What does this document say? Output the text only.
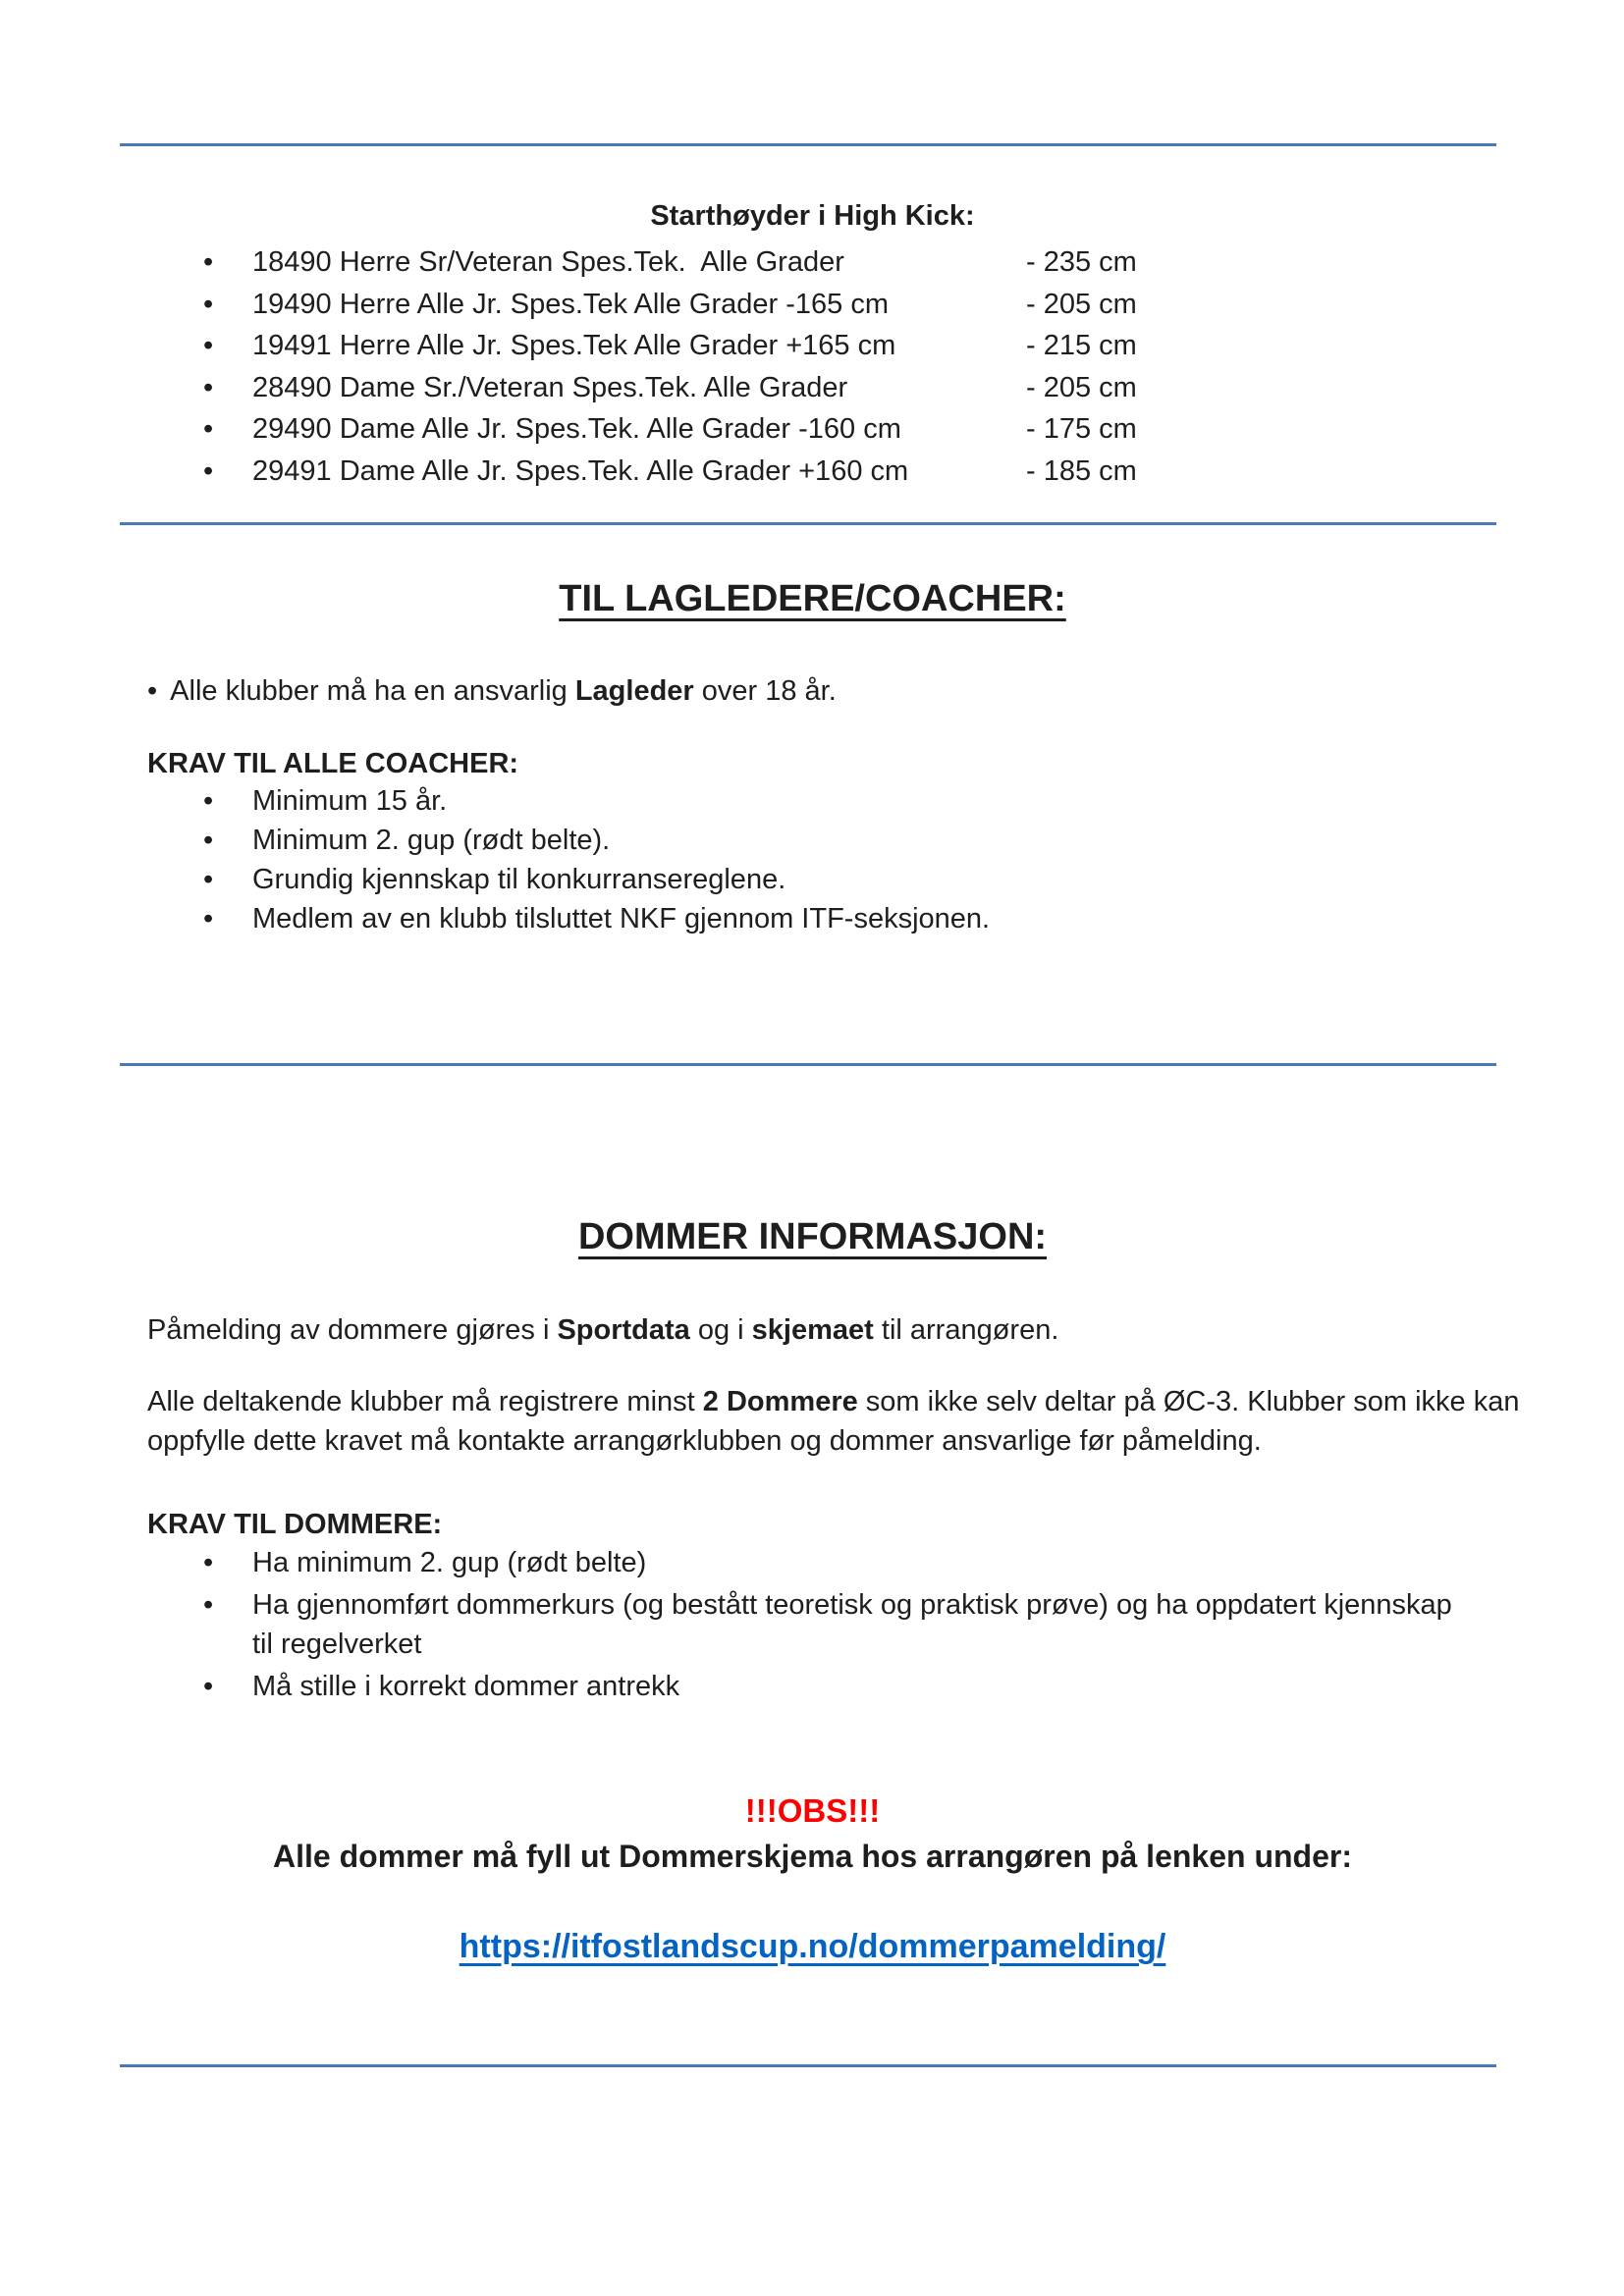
Starthøyder i High Kick:
• 18490 Herre Sr/Veteran Spes.Tek.  Alle Grader	- 235 cm
• 19490 Herre Alle Jr. Spes.Tek Alle Grader -165 cm	- 205 cm
• 19491 Herre Alle Jr. Spes.Tek Alle Grader +165 cm	- 215 cm
• 28490 Dame Sr./Veteran Spes.Tek. Alle Grader	- 205 cm
• 29490 Dame Alle Jr. Spes.Tek. Alle Grader -160 cm	- 175 cm
• 29491 Dame Alle Jr. Spes.Tek. Alle Grader +160 cm	- 185 cm
TIL LAGLEDERE/COACHER:

• Alle klubber må ha en ansvarlig Lagleder over 18 år.

KRAV TIL ALLE COACHER:

• Minimum 15 år.
• Minimum 2. gup (rødt belte).
• Grundig kjennskap til konkurransereglene.
• Medlem av en klubb tilsluttet NKF gjennom ITF-seksjonen.
DOMMER INFORMASJON:

Påmelding av dommere gjøres i Sportdata og i skjemaet til arrangøren.

Alle deltakende klubber må registrere minst 2 Dommere som ikke selv deltar på ØC-3. Klubber som ikke kan oppfylle dette kravet må kontakte arrangørklubben og dommer ansvarlige før påmelding.

KRAV TIL DOMMERE:

• Ha minimum 2. gup (rødt belte)
• Ha gjennomført dommerkurs (og bestått teoretisk og praktisk prøve) og ha oppdatert kjennskap til regelverket
• Må stille i korrekt dommer antrekk

!!!OBS!!!

Alle dommer må fyll ut Dommerskjema hos arrangøren på lenken under:

https://itfostlandscup.no/dommerpamelding/
